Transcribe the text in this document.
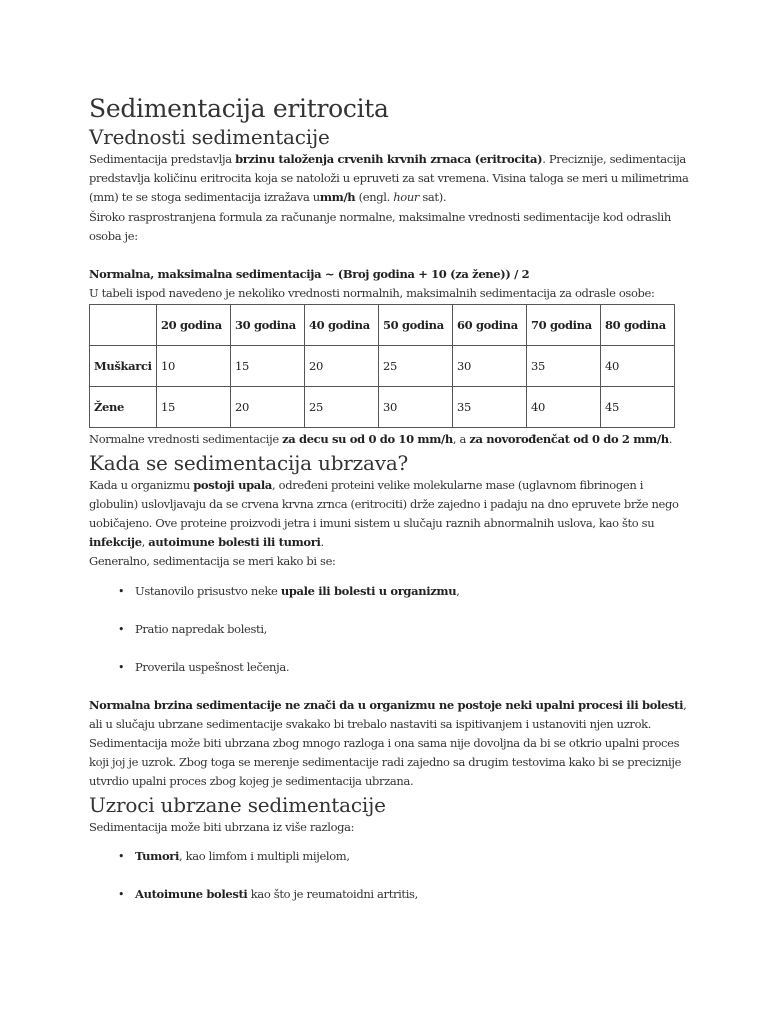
Sedimentacija eritrocita
Vrednosti sedimentacije

Sedimentacija predstavlja brzinu taloženja crvenih krvnih zrnaca (eritrocita). Preciznije, sedimentacija predstavlja količinu eritrocita koja se natoloži u epruveti za sat vremena. Visina taloga se meri u milimetrima (mm) te se stoga sedimentacija izražava umm/h (engl. hour sat).

Široko rasprostranjena formula za računanje normalne, maksimalne vrednosti sedimentacije kod odraslih osoba je:

Normalna, maksimalna sedimentacija ~ (Broj godina + 10 (za žene)) / 2

U tabeli ispod navedeno je nekoliko vrednosti normalnih, maksimalnih sedimentacija za odrasle osobe:

	20 godina	30 godina	40 godina	50 godina	60 godina	70 godina	80 godina
Muškarci	10	15	20	25	30	35	40
Žene	15	20	25	30	35	40	45

Normalne vrednosti sedimentacije za decu su od 0 do 10 mm/h, a za novorođenčat od 0 do 2 mm/h.

Kada se sedimentacija ubrzava?

Kada u organizmu postoji upala, određeni proteini velike molekularne mase (uglavnom fibrinogen i globulin) uslovljavaju da se crvena krvna zrnca (eritrociti) drže zajedno i padaju na dno epruvete brže nego uobičajeno. Ove proteine proizvodi jetra i imuni sistem u slučaju raznih abnormalnih uslova, kao što su infekcije, autoimune bolesti ili tumori.

Generalno, sedimentacija se meri kako bi se:

• Ustanovilo prisustvo neke upale ili bolesti u organizmu,
• Pratio napredak bolesti,
• Proverila uspešnost lečenja.

Normalna brzina sedimentacije ne znači da u organizmu ne postoje neki upalni procesi ili bolesti, ali u slučaju ubrzane sedimentacije svakako bi trebalo nastaviti sa ispitivanjem i ustanoviti njen uzrok. Sedimentacija može biti ubrzana zbog mnogo razloga i ona sama nije dovoljna da bi se otkrio upalni proces koji joj je uzrok. Zbog toga se merenje sedimentacije radi zajedno sa drugim testovima kako bi se preciznije utvrdio upalni proces zbog kojeg je sedimentacija ubrzana.

Uzroci ubrzane sedimentacije

Sedimentacija može biti ubrzana iz više razloga:

• Tumori, kao limfom i multipli mijelom,
• Autoimune bolesti kao što je reumatoidni artritis,
